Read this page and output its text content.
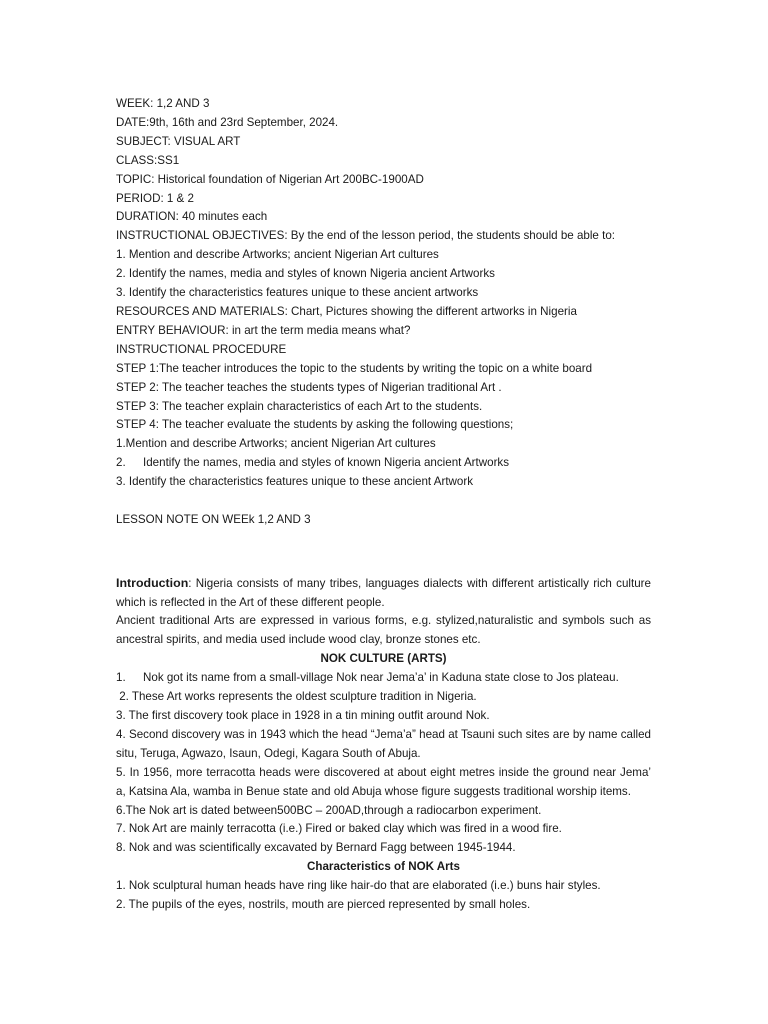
WEEK: 1,2 AND 3

DATE:9th, 16th and 23rd September, 2024.

SUBJECT: VISUAL ART

CLASS:SS1

TOPIC: Historical foundation of Nigerian Art 200BC-1900AD

PERIOD: 1 & 2

DURATION: 40 minutes each

INSTRUCTIONAL OBJECTIVES: By the end of the lesson period, the students should be able to:

1. Mention and describe Artworks; ancient Nigerian Art cultures

2. Identify the names, media and styles of known Nigeria ancient Artworks

3. Identify the characteristics features unique to these ancient artworks

RESOURCES AND MATERIALS: Chart, Pictures showing the different artworks in Nigeria

ENTRY BEHAVIOUR: in art the term media means what?

INSTRUCTIONAL PROCEDURE

STEP 1:The teacher introduces the topic to the students by writing the topic on a white board

STEP 2: The teacher teaches the students types of Nigerian traditional Art .

STEP 3: The teacher explain characteristics of each Art to the students.

STEP 4: The teacher evaluate the students by asking the following questions;

1.Mention and describe Artworks; ancient Nigerian Art cultures

2. Identify the names, media and styles of known Nigeria ancient Artworks

3. Identify the characteristics features unique to these ancient Artwork

LESSON NOTE ON WEEk 1,2 AND 3

Introduction: Nigeria consists of many tribes, languages dialects with different artistically rich culture which is reflected in the Art of these different people.

Ancient traditional Arts are expressed in various forms, e.g. stylized,naturalistic and symbols such as ancestral spirits, and media used include wood clay, bronze stones etc.

NOK CULTURE (ARTS)

1. Nok got its name from a small-village Nok near Jema’a’ in Kaduna state close to Jos plateau.

2. These Art works represents the oldest sculpture tradition in Nigeria.

3. The first discovery took place in 1928 in a tin mining outfit around Nok.

4. Second discovery was in 1943 which the head “Jema’a” head at Tsauni such sites are by name called situ, Teruga, Agwazo, Isaun, Odegi, Kagara South of Abuja.

5. In 1956, more terracotta heads were discovered at about eight metres inside the ground near Jema’ a, Katsina Ala, wamba in Benue state and old Abuja whose figure suggests traditional worship items.

6.The Nok art is dated between500BC – 200AD,through a radiocarbon experiment.

7. Nok Art are mainly terracotta (i.e.) Fired or baked clay which was fired in a wood fire.

8. Nok and was scientifically excavated by Bernard Fagg between 1945-1944.

Characteristics of NOK Arts

1. Nok sculptural human heads have ring like hair-do that are elaborated (i.e.) buns hair styles.

2. The pupils of the eyes, nostrils, mouth are pierced represented by small holes.
